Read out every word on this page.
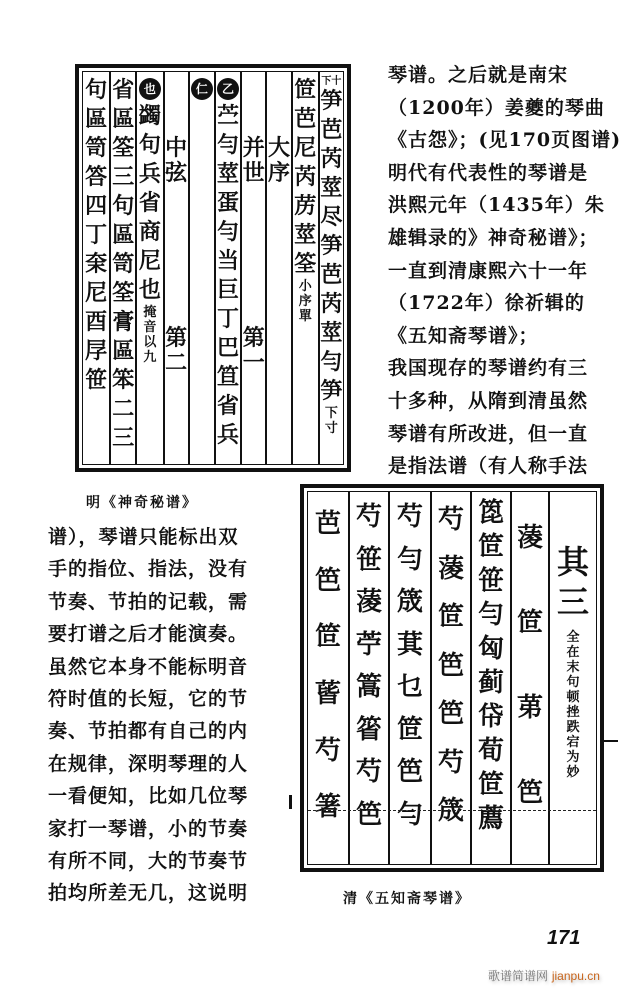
句
區
笥
答
四
丁
㭐
尼
酉
㞌
笹
省
區
筌
三
句
區
笥
筌
膏
區
笨
二
三
也
蠲
句
兵
省
商
尼
也
掩
音
以
九
中
弦
第
二
仁	乙
苎
勻
莖
蛋
勻
当
巨
丁
巴
笪
省
兵
并
世
第
一
大
序
笸
芭
尼
芮
苈
莖
筌
小
序
單
下十
笋
芭
芮
莖
尽
笋
芭
芮
莖
勻
笋
下
寸
明《神奇秘谱》
琴谱。之后就是南宋
（1200年）姜夔的琴曲
《古怨》；(见170页图谱)
明代有代表性的琴谱是
洪熙元年（1435年）朱
雄辑录的》神奇秘谱》；
一直到清康熙六十一年
（1722年）徐祈辑的
《五知斋琴谱》；
我国现存的琴谱约有三
十多种，从隋到清虽然
琴谱有所改进，但一直
是指法谱（有人称手法
谱），琴谱只能标出双
手的指位、指法，没有
节奏、节拍的记载，需
要打谱之后才能演奏。
虽然它本身不能标明音
符时值的长短，它的节
奏、节拍都有自己的内
在规律，深明琴理的人
一看便知，比如几位琴
家打一琴谱，小的节奏
有所不同，大的节奏节
拍均所差无几，这说明
芭
笆
笸
蒈
芍
箸
芍
笹
蓤
苧
篙
箵
芍
笆
芍
勻
筬
萁
乜
笸
笆
勻
芍
蓤
笸
笆
笆
芍
筬
箆
笸
笹
勻
匈
蓟
帒
荀
笸
薦
蓤
笸
苐
笆
其
三
全
在
末
句
顿
挫
跌
宕
为
妙
清《五知斋琴谱》
171
歌谱简谱网 jianpu.cn
